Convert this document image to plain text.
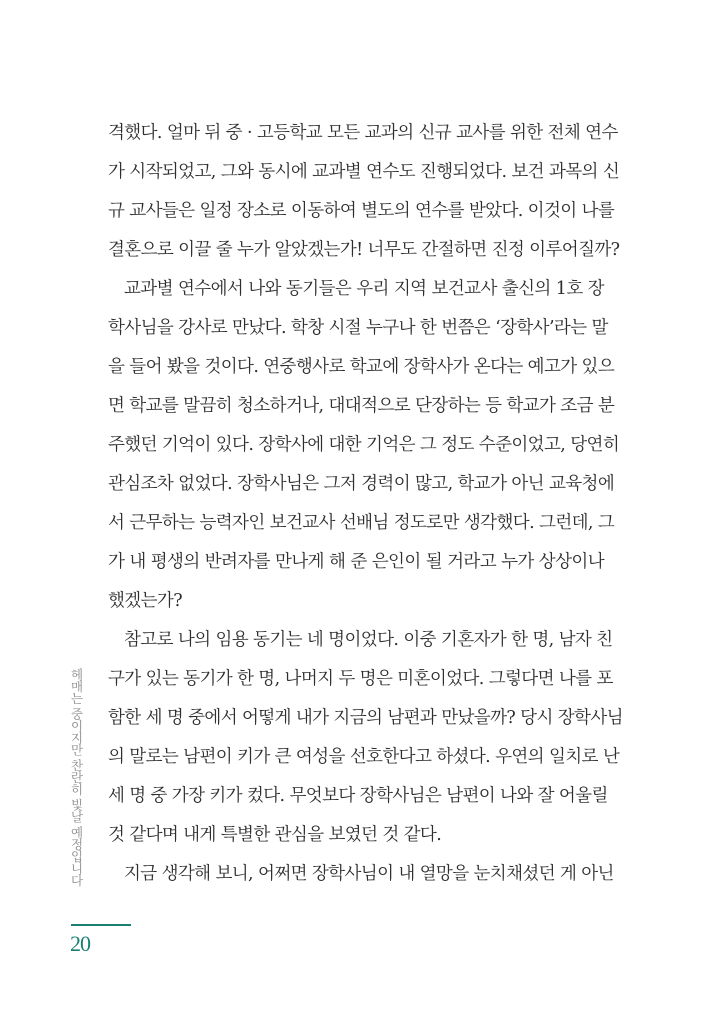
격했다. 얼마 뒤 중 · 고등학교 모든 교과의 신규 교사를 위한 전체 연수
가 시작되었고, 그와 동시에 교과별 연수도 진행되었다. 보건 과목의 신
규 교사들은 일정 장소로 이동하여 별도의 연수를 받았다. 이것이 나를
결혼으로 이끌 줄 누가 알았겠는가! 너무도 간절하면 진정 이루어질까?
교과별 연수에서 나와 동기들은 우리 지역 보건교사 출신의 1호 장
학사님을 강사로 만났다. 학창 시절 누구나 한 번쯤은 ‘장학사’라는 말
을 들어 봤을 것이다. 연중행사로 학교에 장학사가 온다는 예고가 있으
면 학교를 말끔히 청소하거나, 대대적으로 단장하는 등 학교가 조금 분
주했던 기억이 있다. 장학사에 대한 기억은 그 정도 수준이었고, 당연히
관심조차 없었다. 장학사님은 그저 경력이 많고, 학교가 아닌 교육청에
서 근무하는 능력자인 보건교사 선배님 정도로만 생각했다. 그런데, 그
가 내 평생의 반려자를 만나게 해 준 은인이 될 거라고 누가 상상이나
했겠는가?
참고로 나의 임용 동기는 네 명이었다. 이중 기혼자가 한 명, 남자 친
구가 있는 동기가 한 명, 나머지 두 명은 미혼이었다. 그렇다면 나를 포
함한 세 명 중에서 어떻게 내가 지금의 남편과 만났을까? 당시 장학사님
의 말로는 남편이 키가 큰 여성을 선호한다고 하셨다. 우연의 일치로 난
세 명 중 가장 키가 컸다. 무엇보다 장학사님은 남편이 나와 잘 어울릴
것 같다며 내게 특별한 관심을 보였던 것 같다.
지금 생각해 보니, 어쩌면 장학사님이 내 열망을 눈치채셨던 게 아닌
헤매는 중이지만 찬란히 빛날 예정입니다
20
